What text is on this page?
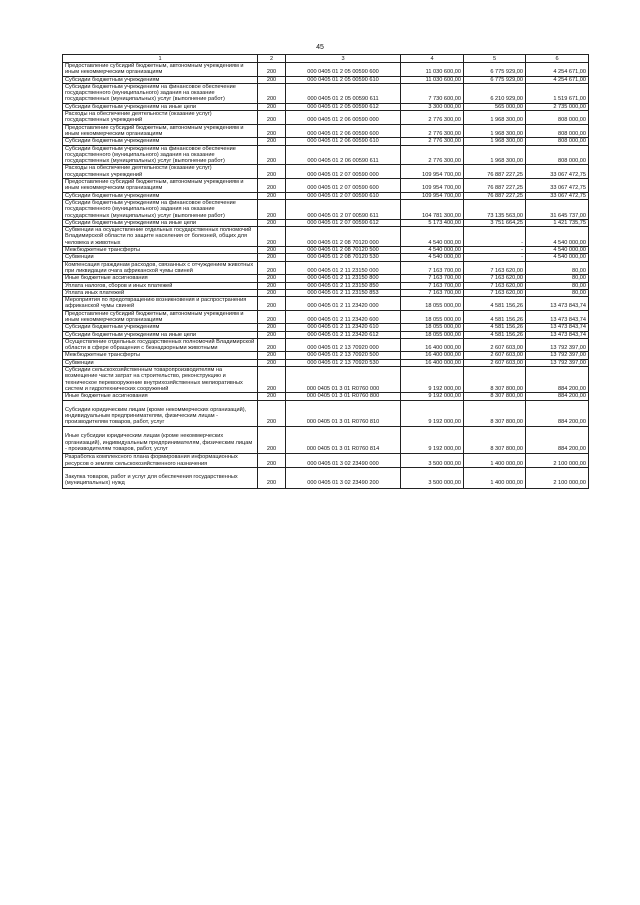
45
1	2	3	4	5	6
Предоставление субсидий бюджетным, автономным учреждениям и иным некоммерческим организациям	200	000 0405 01 2 05 00590 600	11 030 600,00	6 775 929,00	4 254 671,00
Субсидии бюджетным учреждениям	200	000 0405 01 2 05 00590 610	11 030 600,00	6 775 929,00	4 254 671,00
Субсидии бюджетным учреждениям на финансовое обеспечение государственного (муниципального) задания на оказание государственных (муниципальных) услуг (выполнение работ)	200	000 0405 01 2 05 00590 611	7 730 600,00	6 210 929,00	1 519 671,00
Субсидии бюджетным учреждениям на иные цели	200	000 0405 01 2 05 00590 612	3 300 000,00	565 000,00	2 735 000,00
Расходы на обеспечение деятельности (оказание услуг) государственных учреждений	200	000 0405 01 2 06 00590 000	2 776 300,00	1 968 300,00	808 000,00
Предоставление субсидий бюджетным, автономным учреждениям и иным некоммерческим организациям	200	000 0405 01 2 06 00590 600	2 776 300,00	1 968 300,00	808 000,00
Субсидии бюджетным учреждениям	200	000 0405 01 2 06 00590 610	2 776 300,00	1 968 300,00	808 000,00
Субсидии бюджетным учреждениям на финансовое обеспечение государственного (муниципального) задания на оказание государственных (муниципальных) услуг (выполнение работ)	200	000 0405 01 2 06 00590 611	2 776 300,00	1 968 300,00	808 000,00
Расходы на обеспечение деятельности (оказание услуг) государственных учреждений	200	000 0405 01 2 07 00590 000	109 954 700,00	76 887 227,25	33 067 472,75
Предоставление субсидий бюджетным, автономным учреждениям и иным некоммерческим организациям	200	000 0405 01 2 07 00590 600	109 954 700,00	76 887 227,25	33 067 472,75
Субсидии бюджетным учреждениям	200	000 0405 01 2 07 00590 610	109 954 700,00	76 887 227,25	33 067 472,75
Субсидии бюджетным учреждениям на финансовое обеспечение государственного (муниципального) задания на оказание государственных (муниципальных) услуг (выполнение работ)	200	000 0405 01 2 07 00590 611	104 781 300,00	73 135 563,00	31 645 737,00
Субсидии бюджетным учреждениям на иные цели	200	000 0405 01 2 07 00590 612	5 173 400,00	3 751 664,25	1 421 735,75
Субвенции на осуществление отдельных государственных полномочий Владимирской области по защите населения от болезней, общих для человека и животных	200	000 0405 01 2 08 70120 000	4 540 000,00	-	4 540 000,00
Межбюджетные трансферты	200	000 0405 01 2 08 70120 500	4 540 000,00	-	4 540 000,00
Субвенции	200	000 0405 01 2 08 70120 530	4 540 000,00	-	4 540 000,00
Компенсация граждинам расходов, связанных с отчуждением животных при ликвидации очага африканской чумы свиней	200	000 0405 01 2 11 23150 000	7 163 700,00	7 163 620,00	80,00
Иные бюджетные ассигнования	200	000 0405 01 2 11 23150 800	7 163 700,00	7 163 620,00	80,00
Уплата налогов, сборов и иных платежей	200	000 0405 01 2 11 23150 850	7 163 700,00	7 163 620,00	80,00
Уплата иных платежей	200	000 0405 01 2 11 23150 853	7 163 700,00	7 163 620,00	80,00
Мероприятия по предотвращению возникновения и распространения африканской чумы свиней	200	000 0405 01 2 11 23420 000	18 055 000,00	4 581 156,26	13 473 843,74
Предоставление субсидий бюджетным, автономным учреждениям и иным некоммерческим организациям	200	000 0405 01 2 11 23420 600	18 055 000,00	4 581 156,26	13 473 843,74
Субсидии бюджетным учреждениям	200	000 0405 01 2 11 23420 610	18 055 000,00	4 581 156,26	13 473 843,74
Субсидии бюджетным учреждениям на иные цели	200	000 0405 01 2 11 23420 612	18 055 000,00	4 581 156,26	13 473 843,74
Осуществление отдельных государственных полномочий Владимирской области в сфере обращения с безнадзорными животными	200	000 0405 01 2 13 70920 000	16 400 000,00	2 607 603,00	13 792 397,00
Межбюджетные трансферты	200	000 0405 01 2 13 70920 500	16 400 000,00	2 607 603,00	13 792 397,00
Субвенции	200	000 0405 01 2 13 70920 530	16 400 000,00	2 607 603,00	13 792 397,00
Субсидии сельскохозяйственным товаропроизводителям на возмещение части затрат на строительство, реконструкцию и техническое перевооружение внутрихозяйственных мелиоративных систем и гидротехнических сооружений	200	000 0405 01 3 01 R0760 000	9 192 000,00	8 307 800,00	884 200,00
Иные бюджетные ассигнования	200	000 0405 01 3 01 R0760 800	9 192 000,00	8 307 800,00	884 200,00
Субсидии юридическим лицам (кроме некоммерческих организаций), индивидуальным предпринимателям, физическим лицам - производителям товаров, работ, услуг	200	000 0405 01 3 01 R0760 810	9 192 000,00	8 307 800,00	884 200,00
Иные субсидии юридическим лицам (кроме некоммерческих организаций), индивидуальным предпринимателям, физическим лицам - производителям товаров, работ, услуг	200	000 0405 01 3 01 R0760 814	9 192 000,00	8 307 800,00	884 200,00
Разработка комплексного плана формирования информационных ресурсов о землях сельскохозяйственного назначения	200	000 0405 01 3 02 23490 000	3 500 000,00	1 400 000,00	2 100 000,00
Закупка товаров, работ и услуг для обеспечения государственных (муниципальных) нужд	200	000 0405 01 3 02 23490 200	3 500 000,00	1 400 000,00	2 100 000,00
